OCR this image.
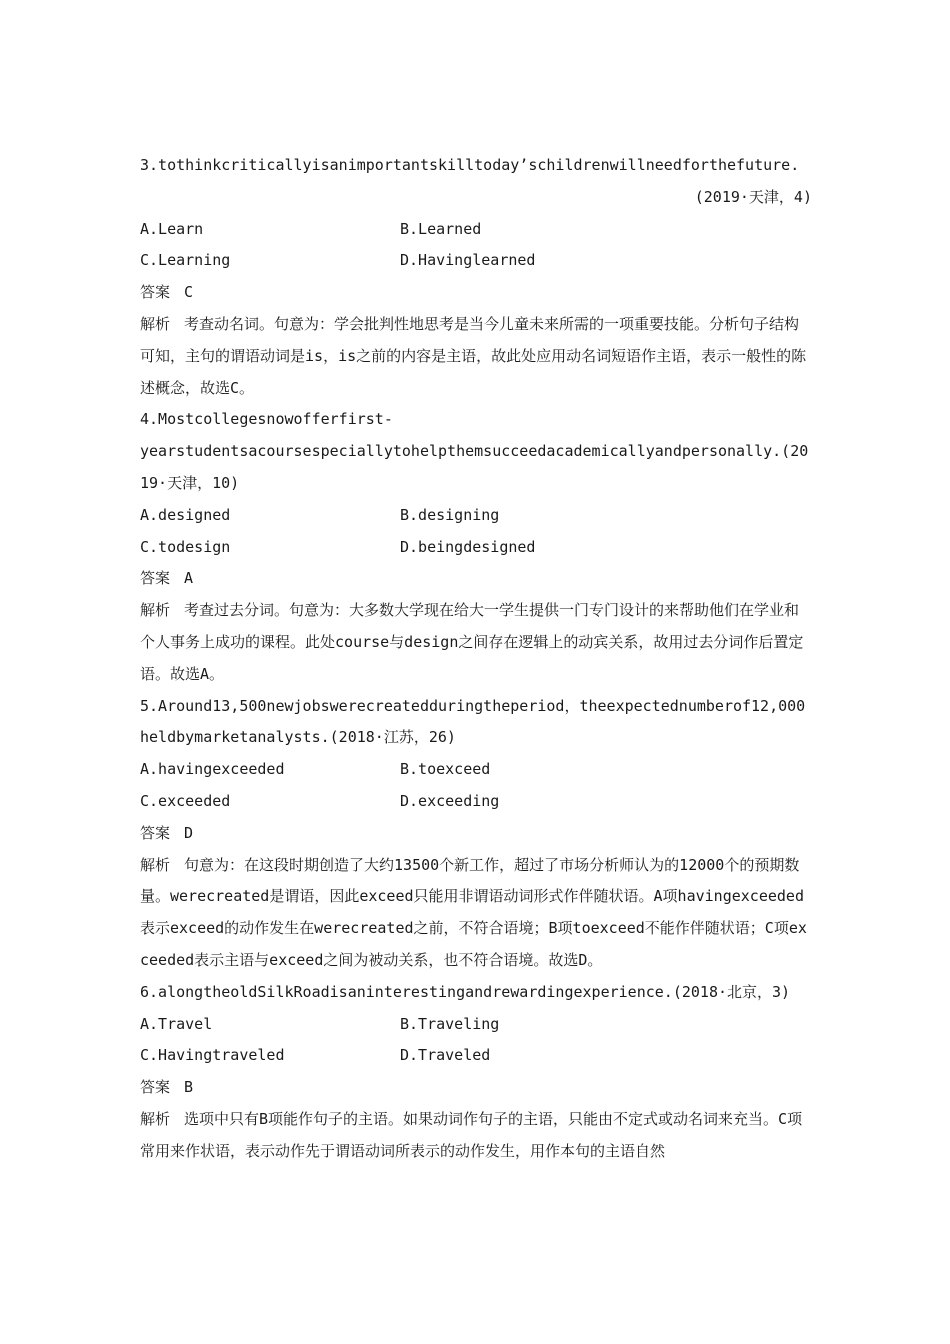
3.tothinkcriticallyisanimportantskilltoday’schildrenwillneedforthefuture.
(2019·天津，4)
A.Learn	B.Learned
C.Learning	D.Havinglearned
答案 C
解析 考查动名词。句意为：学会批判性地思考是当今儿童未来所需的一项重要技能。分析句子结构可知，主句的谓语动词是is，is之前的内容是主语，故此处应用动名词短语作主语，表示一般性的陈述概念，故选C。
4.Mostcollegesnowofferfirst-
yearstudentsacoursespeciallytohelpthemsucceedacademicallyandpersonally.(2019·天津，10)
A.designed	B.designing
C.todesign	D.beingdesigned
答案 A
解析 考查过去分词。句意为：大多数大学现在给大一学生提供一门专门设计的来帮助他们在学业和个人事务上成功的课程。此处course与design之间存在逻辑上的动宾关系，故用过去分词作后置定语。故选A。
5.Around13,500newjobswerecreatedduringtheperiod，theexpectednumberof12,000heldbymarketanalysts.(2018·江苏，26)
A.havingexceeded	B.toexceed
C.exceeded	D.exceeding
答案 D
解析 句意为：在这段时期创造了大约13500个新工作，超过了市场分析师认为的12000个的预期数量。werecreated是谓语，因此exceed只能用非谓语动词形式作伴随状语。A项havingexceeded表示exceed的动作发生在werecreated之前，不符合语境；B项toexceed不能作伴随状语；C项exceeded表示主语与exceed之间为被动关系，也不符合语境。故选D。
6.alongtheoldSilkRoadisaninterestingandrewardingexperience.(2018·北京，3)
A.Travel	B.Traveling
C.Havingtraveled	D.Traveled
答案 B
解析 选项中只有B项能作句子的主语。如果动词作句子的主语，只能由不定式或动名词来充当。C项常用来作状语，表示动作先于谓语动词所表示的动作发生，用作本句的主语自然
